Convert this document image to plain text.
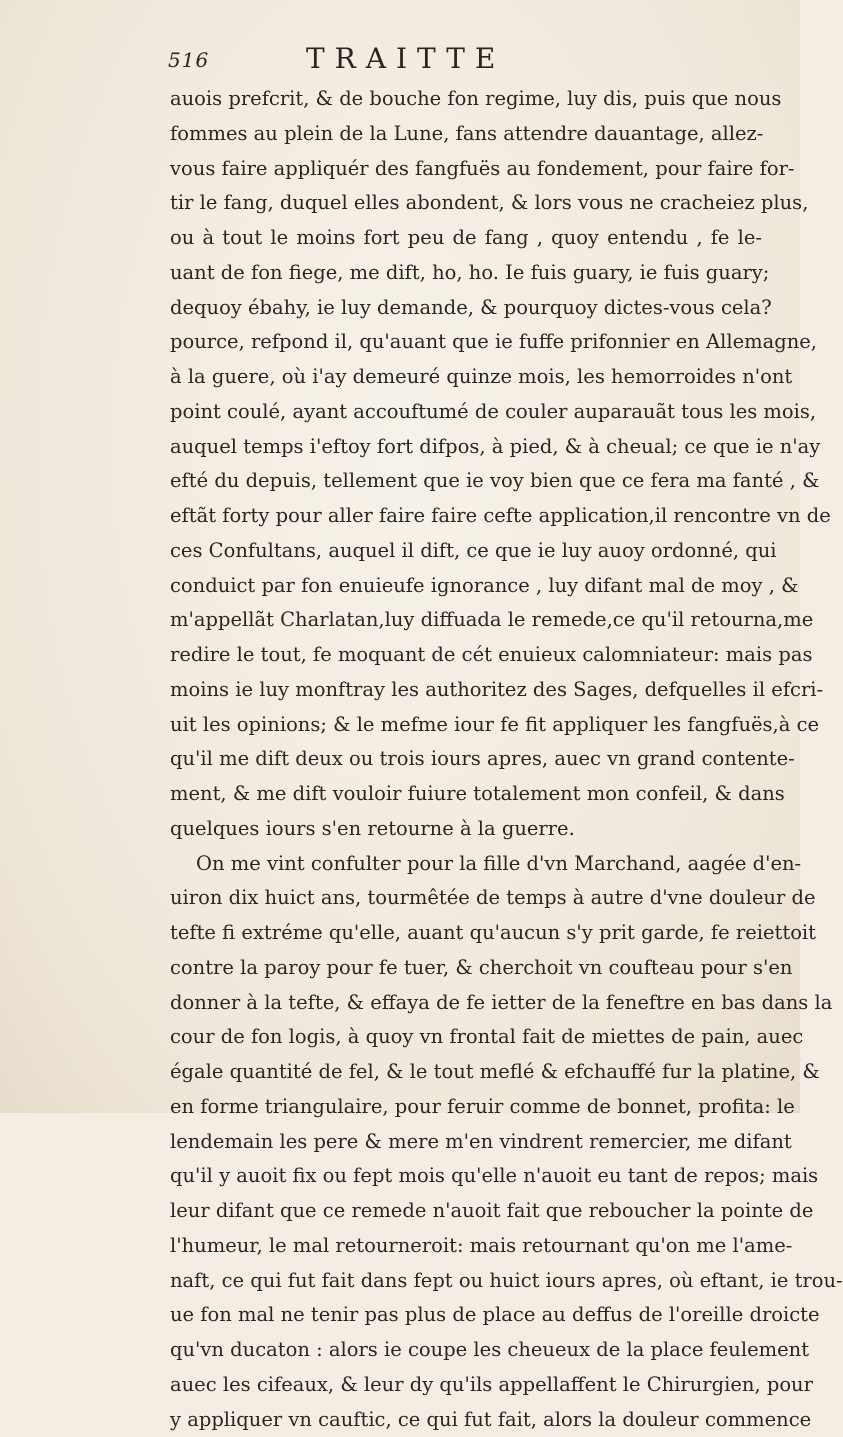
516	TRAITTE
auois prefcrit, & de bouche fon regime, luy dis, puis que nous
fommes au plein de la Lune, fans attendre dauantage, allez-
vous faire appliquér des fangfuës au fondement, pour faire for-
tir le fang, duquel elles abondent, & lors vous ne cracheiez plus,
ou à tout le moins fort peu de fang , quoy entendu , fe le-
uant de fon fiege, me dift, ho, ho. Ie fuis guary, ie fuis guary;
dequoy ébahy, ie luy demande, & pourquoy dictes-vous cela?
pource, refpond il, qu'auant que ie fuffe prifonnier en Allemagne,
à la guere, où i'ay demeuré quinze mois, les hemorroides n'ont
point coulé, ayant accouftumé de couler auparauãt tous les mois,
auquel temps i'eftoy fort difpos, à pied, & à cheual; ce que ie n'ay
efté du depuis, tellement que ie voy bien que ce fera ma fanté , &
eftãt forty pour aller faire faire cefte application,il rencontre vn de
ces Confultans, auquel il dift, ce que ie luy auoy ordonné, qui
conduict par fon enuieufe ignorance , luy difant mal de moy , &
m'appellãt Charlatan,luy diffuada le remede,ce qu'il retourna,me
redire le tout, fe moquant de cét enuieux calomniateur: mais pas
moins ie luy monftray les authoritez des Sages, defquelles il efcri-
uit les opinions; & le mefme iour fe fit appliquer les fangfuës,à ce
qu'il me dift deux ou trois iours apres, auec vn grand contente-
ment, & me dift vouloir fuiure totalement mon confeil, & dans
quelques iours s'en retourne à la guerre.
On me vint confulter pour la fille d'vn Marchand, aagée d'en-
uiron dix huict ans, tourmêtée de temps à autre d'vne douleur de
tefte fi extréme qu'elle, auant qu'aucun s'y prit garde, fe reiettoit
contre la paroy pour fe tuer, & cherchoit vn coufteau pour s'en
donner à la tefte, & effaya de fe ietter de la feneftre en bas dans la
cour de fon logis, à quoy vn frontal fait de miettes de pain, auec
égale quantité de fel, & le tout meflé & efchauffé fur la platine, &
en forme triangulaire, pour feruir comme de bonnet, profita: le
lendemain les pere & mere m'en vindrent remercier, me difant
qu'il y auoit fix ou fept mois qu'elle n'auoit eu tant de repos; mais
leur difant que ce remede n'auoit fait que reboucher la pointe de
l'humeur, le mal retourneroit: mais retournant qu'on me l'ame-
naft, ce qui fut fait dans fept ou huict iours apres, où eftant, ie trou-
ue fon mal ne tenir pas plus de place au deffus de l'oreille droicte
qu'vn ducaton : alors ie coupe les cheueux de la place feulement
auec les cifeaux, & leur dy qu'ils appellaffent le Chirurgien, pour
y appliquer vn cauftic, ce qui fut fait, alors la douleur commence
